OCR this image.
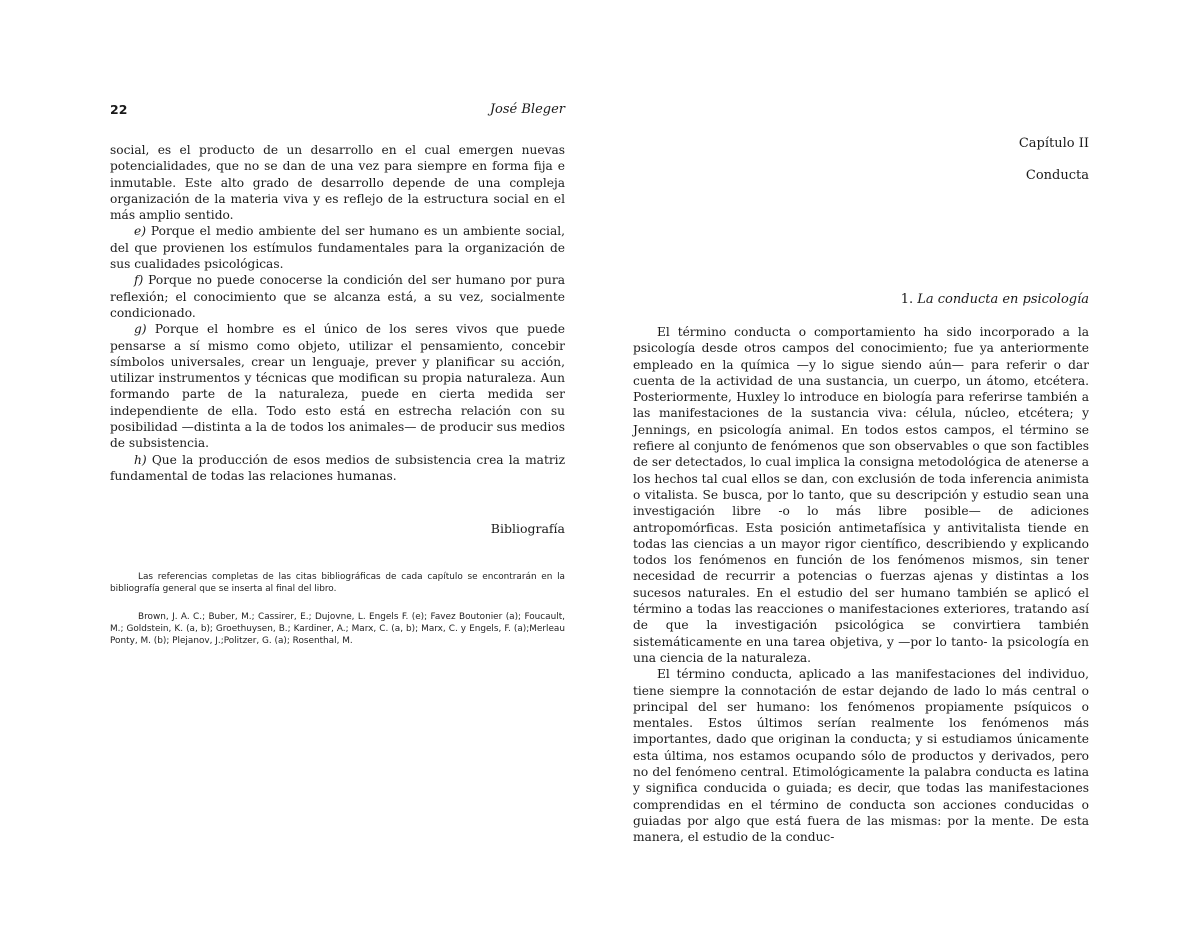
22	José Bleger

social, es el producto de un desarrollo en el cual emergen nuevas potencialidades, que no se dan de una vez para siempre en forma fija e inmutable. Este alto grado de desarrollo depende de una compleja organización de la materia viva y es reflejo de la estructura social en el más amplio sentido.

e) Porque el medio ambiente del ser humano es un ambiente social, del que provienen los estímulos fundamentales para la organización de sus cualidades psicológicas.

f) Porque no puede conocerse la condición del ser humano por pura reflexión; el conocimiento que se alcanza está, a su vez, socialmente condicionado.

g) Porque el hombre es el único de los seres vivos que puede pensarse a sí mismo como objeto, utilizar el pensamiento, concebir símbolos universales, crear un lenguaje, prever y planificar su acción, utilizar instrumentos y técnicas que modifican su propia naturaleza. Aun formando parte de la naturaleza, puede en cierta medida ser independiente de ella. Todo esto está en estrecha relación con su posibilidad —distinta a la de todos los animales— de producir sus medios de subsistencia.

h) Que la producción de esos medios de subsistencia crea la matriz fundamental de todas las relaciones humanas.

Bibliografía

Las referencias completas de las citas bibliográficas de cada capítulo se encontrarán en la bibliografía general que se inserta al final del libro.

Brown, J. A. C.; Buber, M.; Cassirer, E.; Dujovne, L. Engels F. (e); Favez Boutonier (a); Foucault, M.; Goldstein, K. (a, b); Groethuysen, B.; Kardiner, A.; Marx, C. (a, b); Marx, C. y Engels, F. (a);Merleau Ponty, M. (b); Plejanov, J.;Politzer, G. (a); Rosenthal, M.

Capítulo II
Conducta
1. La conducta en psicología

El término conducta o comportamiento ha sido incorporado a la psicología desde otros campos del conocimiento; fue ya anteriormente empleado en la química —y lo sigue siendo aún— para referir o dar cuenta de la actividad de una sustancia, un cuerpo, un átomo, etcétera. Posteriormente, Huxley lo introduce en biología para referirse también a las manifestaciones de la sustancia viva: célula, núcleo, etcétera; y Jennings, en psicología animal. En todos estos campos, el término se refiere al conjunto de fenómenos que son observables o que son factibles de ser detectados, lo cual implica la consigna metodológica de atenerse a los hechos tal cual ellos se dan, con exclusión de toda inferencia animista o vitalista. Se busca, por lo tanto, que su descripción y estudio sean una investigación libre -o lo más libre posible— de adiciones antropomórficas. Esta posición antimetafísica y antivitalista tiende en todas las ciencias a un mayor rigor científico, describiendo y explicando todos los fenómenos en función de los fenómenos mismos, sin tener necesidad de recurrir a potencias o fuerzas ajenas y distintas a los sucesos naturales. En el estudio del ser humano también se aplicó el término a todas las reacciones o manifestaciones exteriores, tratando así de que la investigación psicológica se convirtiera también sistemáticamente en una tarea objetiva, y —por lo tanto- la psicología en una ciencia de la naturaleza.

El término conducta, aplicado a las manifestaciones del individuo, tiene siempre la connotación de estar dejando de lado lo más central o principal del ser humano: los fenómenos propiamente psíquicos o mentales. Estos últimos serían realmente los fenómenos más importantes, dado que originan la conducta; y si estudiamos únicamente esta última, nos estamos ocupando sólo de productos y derivados, pero no del fenómeno central. Etimológicamente la palabra conducta es latina y significa conducida o guiada; es decir, que todas las manifestaciones comprendidas en el término de conducta son acciones conducidas o guiadas por algo que está fuera de las mismas: por la mente. De esta manera, el estudio de la conduc-
